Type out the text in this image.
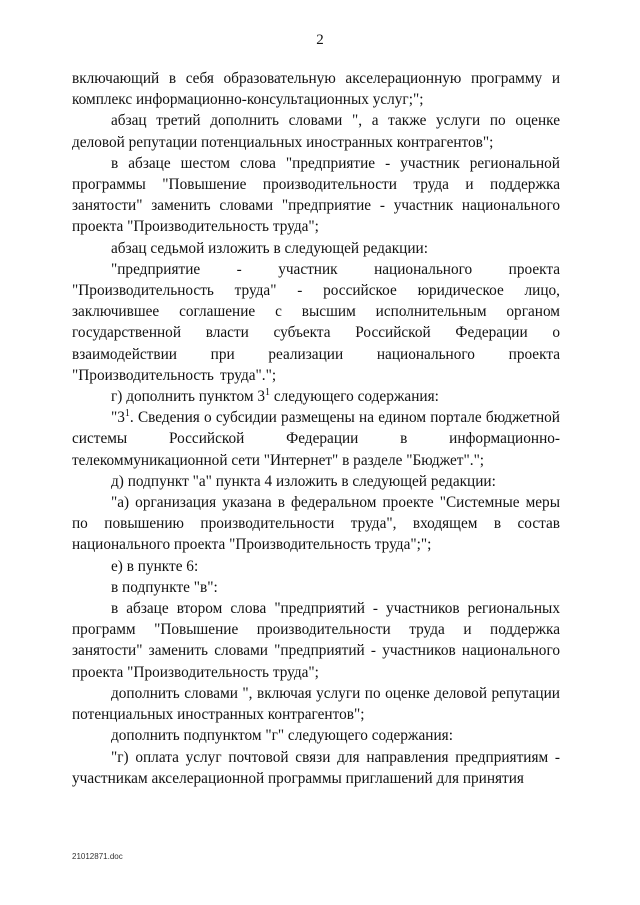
2

включающий в себя образовательную акселерационную программу и комплекс информационно-консультационных услуг;";

абзац третий дополнить словами ", а также услуги по оценке деловой репутации потенциальных иностранных контрагентов";

в абзаце шестом слова "предприятие - участник региональной программы "Повышение производительности труда и поддержка занятости" заменить словами "предприятие - участник национального проекта "Производительность труда";

абзац седьмой изложить в следующей редакции:

"предприятие - участник национального проекта "Производительность труда" - российское юридическое лицо, заключившее соглашение с высшим исполнительным органом государственной власти субъекта Российской Федерации о взаимодействии при реализации национального проекта "Производительность труда".";

г) дополнить пунктом $3^1$ следующего содержания:

"$3^1$. Сведения о субсидии размещены на едином портале бюджетной системы Российской Федерации в информационно-телекоммуникационной сети "Интернет" в разделе "Бюджет".";

д) подпункт "а" пункта 4 изложить в следующей редакции:

"а) организация указана в федеральном проекте "Системные меры по повышению производительности труда", входящем в состав национального проекта "Производительность труда";";

е) в пункте 6:

в подпункте "в":

в абзаце втором слова "предприятий - участников региональных программ "Повышение производительности труда и поддержка занятости" заменить словами "предприятий - участников национального проекта "Производительность труда";

дополнить словами ", включая услуги по оценке деловой репутации потенциальных иностранных контрагентов";

дополнить подпунктом "г" следующего содержания:

"г) оплата услуг почтовой связи для направления предприятиям - участникам акселерационной программы приглашений для принятия

21012871.doc
